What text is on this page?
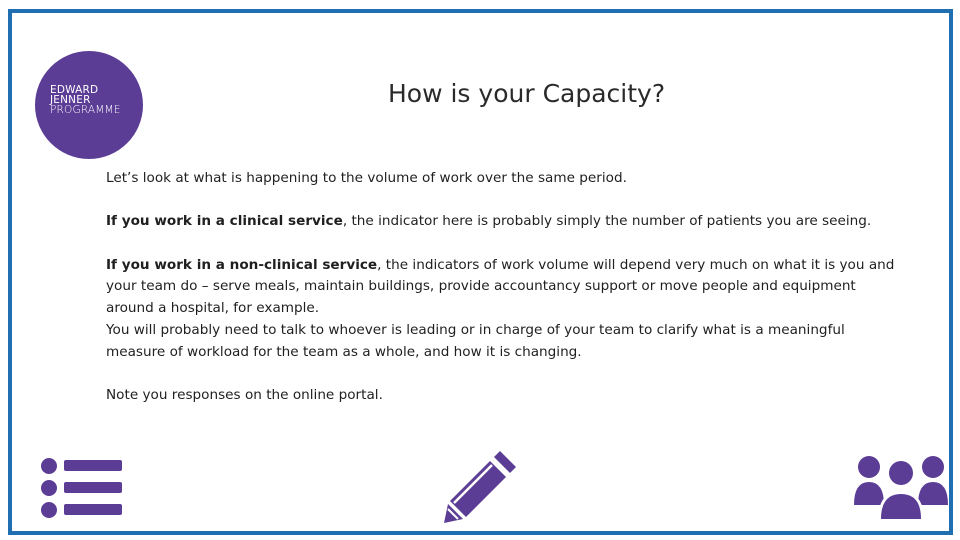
EDWARD
JENNER
PROGRAMME
How is your Capacity?

Let’s look at what is happening to the volume of work over the same period.

If you work in a clinical service, the indicator here is probably simply the number of patients you are seeing.

If you work in a non-clinical service, the indicators of work volume will depend very much on what it is you and your team do – serve meals, maintain buildings, provide accountancy support or move people and equipment around a hospital, for example.

You will probably need to talk to whoever is leading or in charge of your team to clarify what is a meaningful measure of workload for the team as a whole, and how it is changing.

Note you responses on the online portal.
